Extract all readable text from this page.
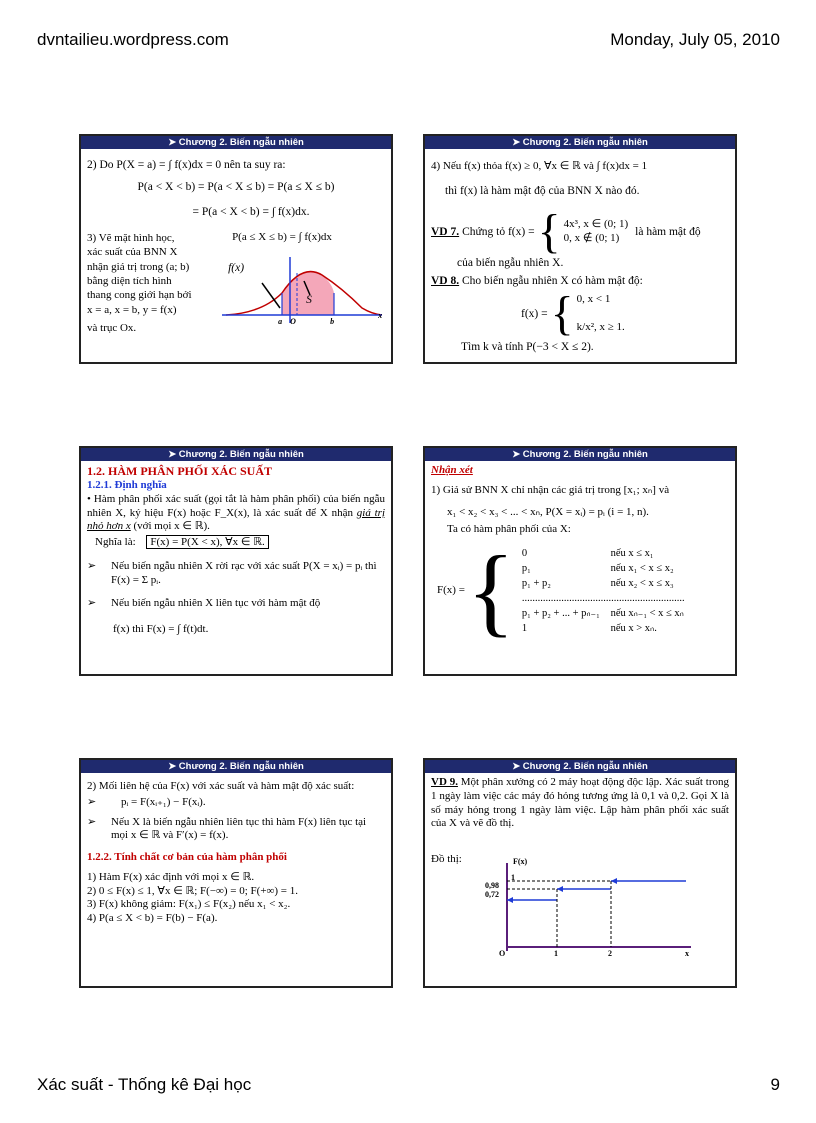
dvntailieu.wordpress.com	Monday, July 05, 2010
➤ Chương 2. Biến ngẫu nhiên
2) Do P(X = a) = ∫ f(x)dx = 0 nên ta suy ra:
P(a < X < b) = P(a < X ≤ b) = P(a ≤ X ≤ b)
= P(a < X < b) = ∫ f(x)dx.
3) Vẽ mặt hình học,
xác suất của BNN X
nhận giá trị trong (a; b)
bằng diện tích hình
thang cong giới hạn bởi
x = a, x = b, y = f(x)
và trục Ox.
P(a ≤ X ≤ b) = ∫ f(x)dx
f(x)
S
a O	b
x
➤ Chương 2. Biến ngẫu nhiên
4) Nếu f(x) thỏa f(x) ≥ 0, ∀x ∈ ℝ và ∫ f(x)dx = 1
thì f(x) là hàm mật độ của BNN X nào đó.
VD 7. Chứng tỏ f(x) = { 4x³, x ∈ (0; 1)
0, x ∉ (0; 1)
là hàm mật độ
của biến ngẫu nhiên X.
VD 8. Cho biến ngẫu nhiên X có hàm mật độ:
f(x) = { 0, x < 1
k/x², x ≥ 1.
Tìm k và tính P(−3 < X ≤ 2).
➤ Chương 2. Biến ngẫu nhiên
1.2. HÀM PHÂN PHỐI XÁC SUẤT
1.2.1. Định nghĩa
• Hàm phân phối xác suất (gọi tắt là hàm phân phối) của biến ngẫu nhiên X, ký hiệu F(x) hoặc F_X(x), là xác suất để X nhận giá trị nhỏ hơn x (với mọi x ∈ ℝ).
Nghĩa là: F(x) = P(X < x), ∀x ∈ ℝ.
➢	Nếu biến ngẫu nhiên X rời rạc với xác suất P(X = xᵢ) = pᵢ thì F(x) = Σ pᵢ.
➢	Nếu biến ngẫu nhiên X liên tục với hàm mật độ
f(x) thì F(x) = ∫ f(t)dt.
➤ Chương 2. Biến ngẫu nhiên
Nhận xét
1) Giả sử BNN X chỉ nhận các giá trị trong [x₁; xₙ] và
x₁ < x₂ < x₃ < ... < xₙ, P(X = xᵢ) = pᵢ (i = 1, n).
Ta có hàm phân phối của X:
F(x) = { 0	nếu x ≤ x₁
p₁	nếu x₁ < x ≤ x₂
p₁ + p₂	nếu x₂ < x ≤ x₃
..............................................................	
p₁ + p₂ + ... + pₙ₋₁	nếu xₙ₋₁ < x ≤ xₙ
1	nếu x > xₙ.
➤ Chương 2. Biến ngẫu nhiên
2) Mối liên hệ của F(x) với xác suất và hàm mật độ xác suất:
➢	pᵢ = F(xᵢ₊₁) − F(xᵢ).
➢	Nếu X là biến ngẫu nhiên liên tục thì hàm F(x) liên tục tại mọi x ∈ ℝ và F′(x) = f(x).
1.2.2. Tính chất cơ bản của hàm phân phối
1) Hàm F(x) xác định với mọi x ∈ ℝ.
2) 0 ≤ F(x) ≤ 1, ∀x ∈ ℝ; F(−∞) = 0; F(+∞) = 1.
3) F(x) không giảm: F(x₁) ≤ F(x₂) nếu x₁ < x₂.
4) P(a ≤ X < b) = F(b) − F(a).
➤ Chương 2. Biến ngẫu nhiên
VD 9. Một phân xưởng có 2 máy hoạt động độc lập. Xác suất trong 1 ngày làm việc các máy đó hỏng tương ứng là 0,1 và 0,2. Gọi X là số máy hỏng trong 1 ngày làm việc. Lập hàm phân phối xác suất của X và vẽ đồ thị.
Đồ thị:	F(x)
1
0,98
0,72
O	1	2	x
Xác suất - Thống kê Đại học	9
